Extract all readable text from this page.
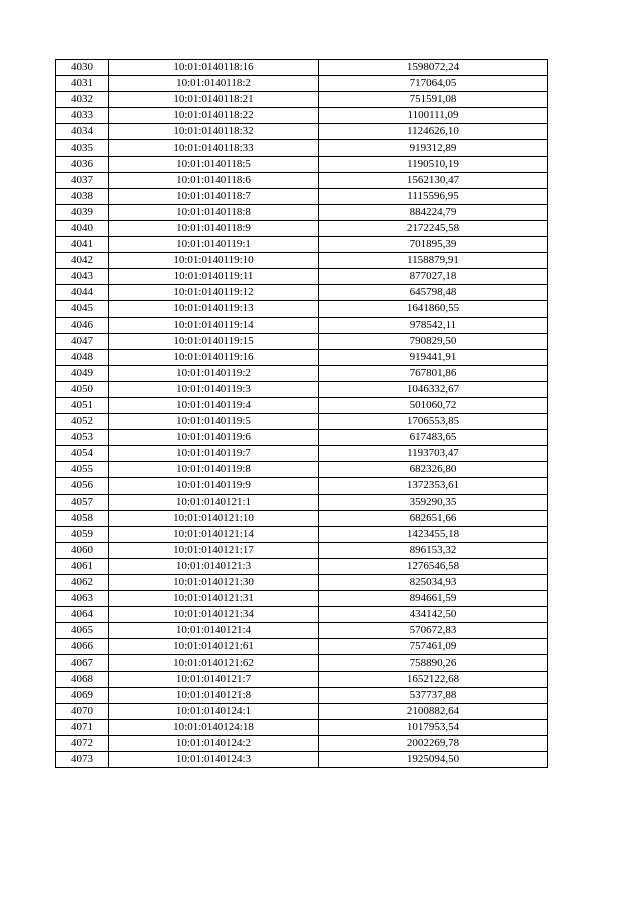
4030	10:01:0140118:16	1598072,24
4031	10:01:0140118:2	717064,05
4032	10:01:0140118:21	751591,08
4033	10:01:0140118:22	1100111,09
4034	10:01:0140118:32	1124626,10
4035	10:01:0140118:33	919312,89
4036	10:01:0140118:5	1190510,19
4037	10:01:0140118:6	1562130,47
4038	10:01:0140118:7	1115596,95
4039	10:01:0140118:8	884224,79
4040	10:01:0140118:9	2172245,58
4041	10:01:0140119:1	701895,39
4042	10:01:0140119:10	1158879,91
4043	10:01:0140119:11	877027,18
4044	10:01:0140119:12	645798,48
4045	10:01:0140119:13	1641860,55
4046	10:01:0140119:14	978542,11
4047	10:01:0140119:15	790829,50
4048	10:01:0140119:16	919441,91
4049	10:01:0140119:2	767801,86
4050	10:01:0140119:3	1046332,67
4051	10:01:0140119:4	501060,72
4052	10:01:0140119:5	1706553,85
4053	10:01:0140119:6	617483,65
4054	10:01:0140119:7	1193703,47
4055	10:01:0140119:8	682326,80
4056	10:01:0140119:9	1372353,61
4057	10:01:0140121:1	359290,35
4058	10:01:0140121:10	682651,66
4059	10:01:0140121:14	1423455,18
4060	10:01:0140121:17	896153,32
4061	10:01:0140121:3	1276546,58
4062	10:01:0140121:30	825034,93
4063	10:01:0140121:31	894661,59
4064	10:01:0140121:34	434142,50
4065	10:01:0140121:4	570672,83
4066	10:01:0140121:61	757461,09
4067	10:01:0140121:62	758890,26
4068	10:01:0140121:7	1652122,68
4069	10:01:0140121:8	537737,88
4070	10:01:0140124:1	2100882,64
4071	10:01:0140124:18	1017953,54
4072	10:01:0140124:2	2002269,78
4073	10:01:0140124:3	1925094,50
